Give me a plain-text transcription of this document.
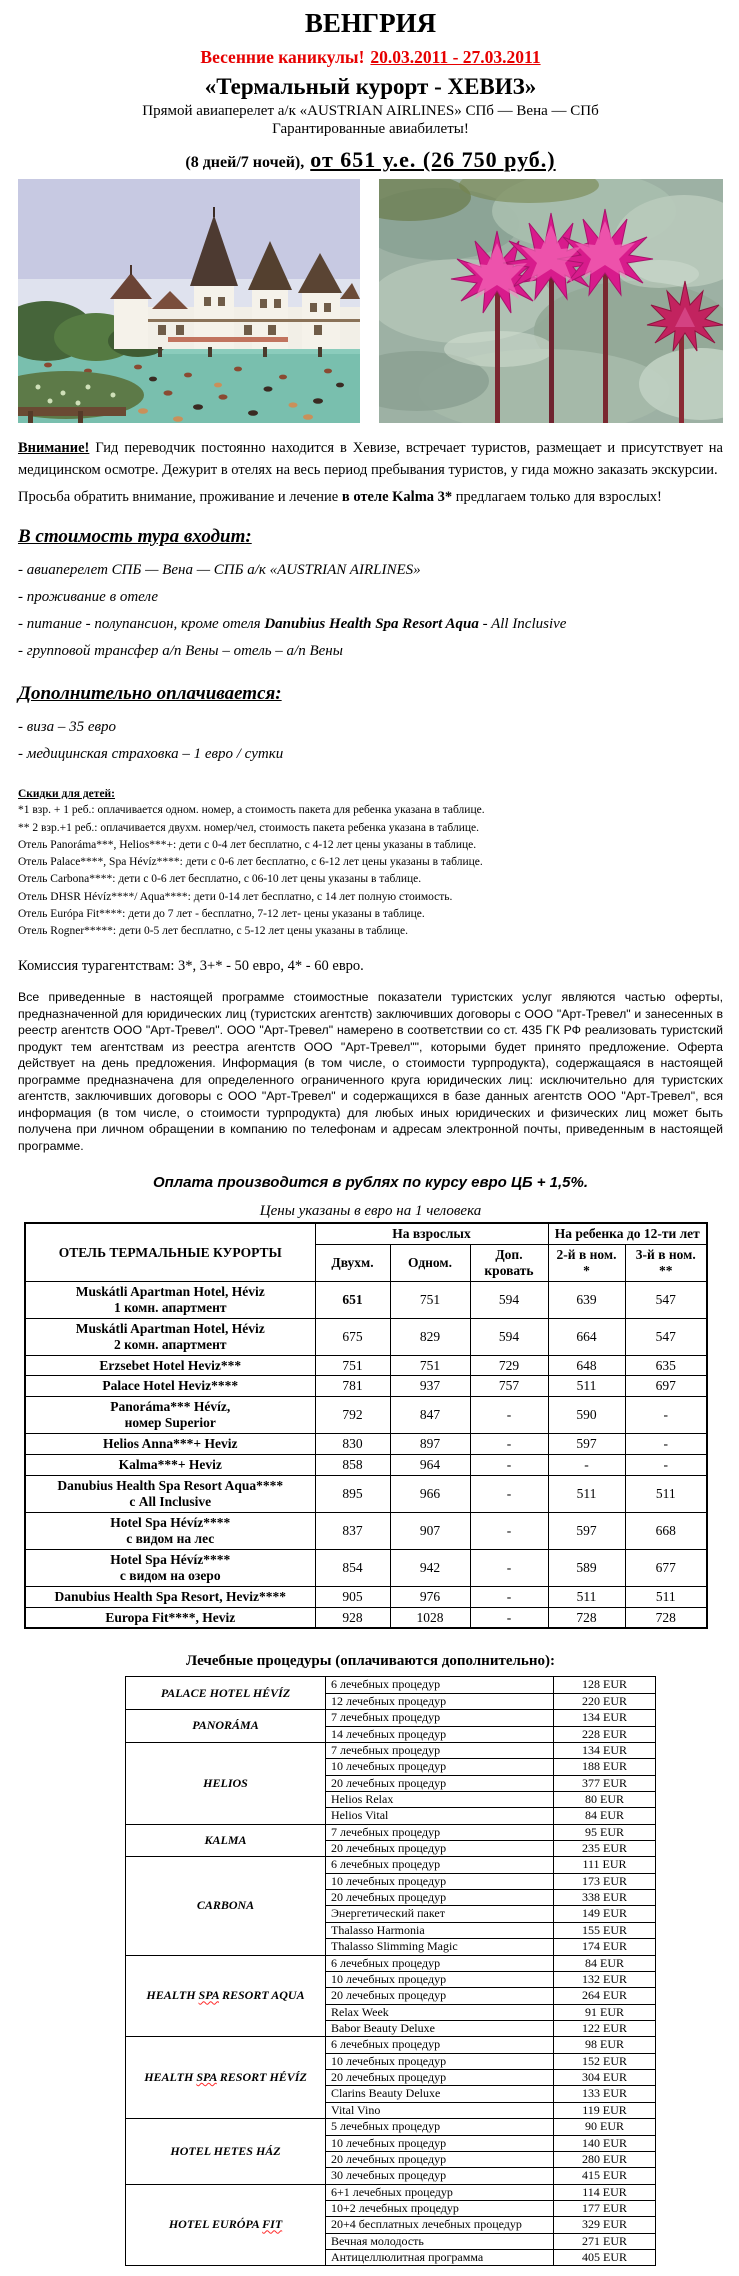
ВЕНГРИЯ
Весенние каникулы! 20.03.2011 - 27.03.2011
«Термальный курорт - ХЕВИЗ»
Прямой авиаперелет а/к «AUSTRIAN AIRLINES» СПб — Вена — СПб
Гарантированные авиабилеты!
(8 дней/7 ночей), от 651 у.е. (26 750 руб.)

Внимание! Гид переводчик постоянно находится в Хевизе, встречает туристов, размещает и присутствует на медицинском осмотре. Дежурит в отелях на весь период пребывания туристов, у гида можно заказать экскурсии.

Просьба обратить внимание, проживание и лечение в отеле Kalma 3* предлагаем только для взрослых!

В стоимость тура входит:
- авиаперелет СПБ — Вена — СПБ а/к «AUSTRIAN AIRLINES»
- проживание в отеле
- питание - полупансион, кроме отеля Danubius Health Spa Resort Aqua - All Inclusive
- групповой трансфер а/п Вены – отель – а/п Вены
Дополнительно оплачивается:
- виза – 35 евро
- медицинская страховка – 1 евро / сутки
Скидки для детей:
*1 взр. + 1 реб.: оплачивается одном. номер, а стоимость пакета для ребенка указана в таблице.
** 2 взр.+1 реб.: оплачивается двухм. номер/чел, стоимость пакета ребенка указана в таблице.
Отель Panoráma***, Helios***+: дети с 0-4 лет бесплатно, с 4-12 лет цены указаны в таблице.
Отель Palace****, Spa Hévíz****: дети с 0-6 лет бесплатно, с 6-12 лет цены указаны в таблице.
Отель Carbona****: дети с 0-6 лет бесплатно, с 06-10 лет цены указаны в таблице.
Отель DHSR Hévíz****/ Aqua****: дети 0-14 лет бесплатно, с 14 лет полную стоимость.
Отель Európa Fit****: дети до 7 лет - бесплатно, 7-12 лет- цены указаны в таблице.
Отель Rogner*****: дети 0-5 лет бесплатно, с 5-12 лет цены указаны в таблице.

Комиссия турагентствам: 3*, 3+* - 50 евро, 4* - 60 евро.

Все приведенные в настоящей программе стоимостные показатели туристских услуг являются частью оферты, предназначенной для юридических лиц (туристских агентств) заключивших договоры с ООО "Арт-Тревел" и занесенных в реестр агентств ООО "Арт-Тревел". ООО "Арт-Тревел" намерено в соответствии со ст. 435 ГК РФ реализовать туристский продукт тем агентствам из реестра агентств ООО "Арт-Тревел"", которыми будет принято предложение. Оферта действует на день предложения. Информация (в том числе, о стоимости турпродукта), содержащаяся в настоящей программе предназначена для определенного ограниченного круга юридических лиц: исключительно для туристских агентств, заключивших договоры с ООО "Арт-Тревел" и содержащихся в базе данных агентств ООО "Арт-Тревел", вся информация (в том числе, о стоимости турпродукта) для любых иных юридических и физических лиц может быть получена при личном обращении в компанию по телефонам и адресам электронной почты, приведенным в настоящей программе.

Оплата производится в рублях по курсу евро ЦБ + 1,5%.

Цены указаны в евро на 1 человека
ОТЕЛЬ ТЕРМАЛЬНЫЕ КУРОРТЫ	На взрослых			На ребенка до 12-ти лет	
	Двухм.	Одном.	Доп. кровать	2-й в ном. *	3-й в ном. **

Muskátli Apartman Hotel, Héviz
1 комн. апартмент	651	751	594	639	547

Muskátli Apartman Hotel, Héviz
2 комн. апартмент	675	829	594	664	547

Erzsebet Hotel Heviz***	751	751	729	648	635

Palace Hotel Heviz****	781	937	757	511	697

Panoráma*** Hévíz,
номер Superior	792	847	-	590	-

Helios Anna***+ Heviz	830	897	-	597	-

Kalma***+ Heviz	858	964	-	-	-

Danubius Health Spa Resort Aqua****
с All Inclusive	895	966	-	511	511

Hotel Spa Hévíz****
с видом на лес	837	907	-	597	668

Hotel Spa Hévíz****
с видом на озеро	854	942	-	589	677

Danubius Health Spa Resort, Heviz****	905	976	-	511	511

Europa Fit****, Heviz	928	1028	-	728	728
Лечебные процедуры (оплачиваются дополнительно):
PALACE HOTEL HÉVÍZ	6 лечебных процедур	128 EUR
	12 лечебных процедур	220 EUR
PANORÁMA	7 лечебных процедур	134 EUR
	14 лечебных процедур	228 EUR
HELIOS	7 лечебных процедур	134 EUR
	10 лечебных процедур	188 EUR
	20 лечебных процедур	377 EUR
	Helios Relax	80 EUR
	Helios Vital	84 EUR
KALMA	7 лечебных процедур	95 EUR
	20 лечебных процедур	235 EUR
CARBONA	6 лечебных процедур	111 EUR
	10 лечебных процедур	173 EUR
	20 лечебных процедур	338 EUR
	Энергетический пакет	149 EUR
	Thalasso Harmonia	155 EUR
	Thalasso Slimming Magic	174 EUR
HEALTH SPA RESORT AQUA	6 лечебных процедур	84 EUR
	10 лечебных процедур	132 EUR
	20 лечебных процедур	264 EUR
	Relax Week	91 EUR
	Babor Beauty Deluxe	122 EUR
HEALTH SPA RESORT HÉVÍZ	6 лечебных процедур	98 EUR
	10 лечебных процедур	152 EUR
	20 лечебных процедур	304 EUR
	Clarins Beauty Deluxe	133 EUR
	Vital Vino	119 EUR
HOTEL HETES HÁZ	5 лечебных процедур	90 EUR
	10 лечебных процедур	140 EUR
	20 лечебных процедур	280 EUR
	30 лечебных процедур	415 EUR
HOTEL EURÓPA FIT	6+1 лечебных процедур	114 EUR
	10+2 лечебных процедур	177 EUR
	20+4 бесплатных лечебных процедур	329 EUR
	Вечная молодость	271 EUR
	Антицеллюлитная программа	405 EUR
